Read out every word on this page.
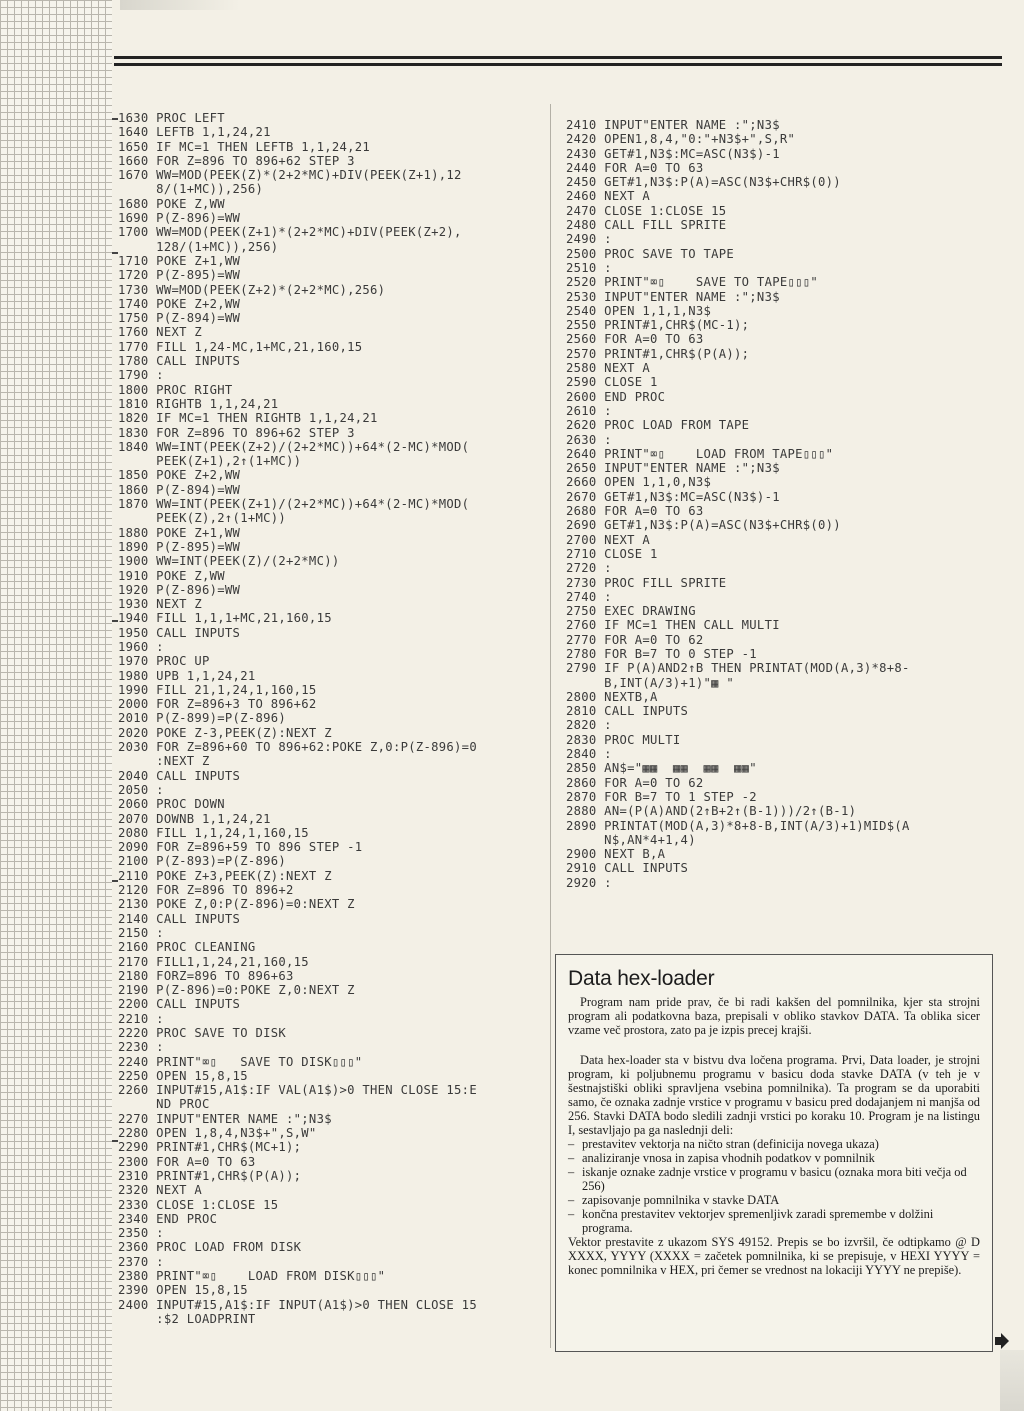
1630 PROC LEFT
1640 LEFTB 1,1,24,21
1650 IF MC=1 THEN LEFTB 1,1,24,21
1660 FOR Z=896 TO 896+62 STEP 3
1670 WW=MOD(PEEK(Z)*(2+2*MC)+DIV(PEEK(Z+1),12
8/(1+MC)),256)
1680 POKE Z,WW
1690 P(Z-896)=WW
1700 WW=MOD(PEEK(Z+1)*(2+2*MC)+DIV(PEEK(Z+2),
128/(1+MC)),256)
1710 POKE Z+1,WW
1720 P(Z-895)=WW
1730 WW=MOD(PEEK(Z+2)*(2+2*MC),256)
1740 POKE Z+2,WW
1750 P(Z-894)=WW
1760 NEXT Z
1770 FILL 1,24-MC,1+MC,21,160,15
1780 CALL INPUTS
1790 :
1800 PROC RIGHT
1810 RIGHTB 1,1,24,21
1820 IF MC=1 THEN RIGHTB 1,1,24,21
1830 FOR Z=896 TO 896+62 STEP 3
1840 WW=INT(PEEK(Z+2)/(2+2*MC))+64*(2-MC)*MOD(
PEEK(Z+1),2↑(1+MC))
1850 POKE Z+2,WW
1860 P(Z-894)=WW
1870 WW=INT(PEEK(Z+1)/(2+2*MC))+64*(2-MC)*MOD(
PEEK(Z),2↑(1+MC))
1880 POKE Z+1,WW
1890 P(Z-895)=WW
1900 WW=INT(PEEK(Z)/(2+2*MC))
1910 POKE Z,WW
1920 P(Z-896)=WW
1930 NEXT Z
1940 FILL 1,1,1+MC,21,160,15
1950 CALL INPUTS
1960 :
1970 PROC UP
1980 UPB 1,1,24,21
1990 FILL 21,1,24,1,160,15
2000 FOR Z=896+3 TO 896+62
2010 P(Z-899)=P(Z-896)
2020 POKE Z-3,PEEK(Z):NEXT Z
2030 FOR Z=896+60 TO 896+62:POKE Z,0:P(Z-896)=0
:NEXT Z
2040 CALL INPUTS
2050 :
2060 PROC DOWN
2070 DOWNB 1,1,24,21
2080 FILL 1,1,24,1,160,15
2090 FOR Z=896+59 TO 896 STEP -1
2100 P(Z-893)=P(Z-896)
2110 POKE Z+3,PEEK(Z):NEXT Z
2120 FOR Z=896 TO 896+2
2130 POKE Z,0:P(Z-896)=0:NEXT Z
2140 CALL INPUTS
2150 :
2160 PROC CLEANING
2170 FILL1,1,24,21,160,15
2180 FORZ=896 TO 896+63
2190 P(Z-896)=0:POKE Z,0:NEXT Z
2200 CALL INPUTS
2210 :
2220 PROC SAVE TO DISK
2230 :
2240 PRINT"⌧▯   SAVE TO DISK▯▯▯"
2250 OPEN 15,8,15
2260 INPUT#15,A1$:IF VAL(A1$)>0 THEN CLOSE 15:E
ND PROC
2270 INPUT"ENTER NAME :";N3$
2280 OPEN 1,8,4,N3$+",S,W"
2290 PRINT#1,CHR$(MC+1);
2300 FOR A=0 TO 63
2310 PRINT#1,CHR$(P(A));
2320 NEXT A
2330 CLOSE 1:CLOSE 15
2340 END PROC
2350 :
2360 PROC LOAD FROM DISK
2370 :
2380 PRINT"⌧▯    LOAD FROM DISK▯▯▯"
2390 OPEN 15,8,15
2400 INPUT#15,A1$:IF INPUT(A1$)>0 THEN CLOSE 15
:$2 LOADPRINT
2410 INPUT"ENTER NAME :";N3$
2420 OPEN1,8,4,"0:"+N3$+",S,R"
2430 GET#1,N3$:MC=ASC(N3$)-1
2440 FOR A=0 TO 63
2450 GET#1,N3$:P(A)=ASC(N3$+CHR$(0))
2460 NEXT A
2470 CLOSE 1:CLOSE 15
2480 CALL FILL SPRITE
2490 :
2500 PROC SAVE TO TAPE
2510 :
2520 PRINT"⌧▯    SAVE TO TAPE▯▯▯"
2530 INPUT"ENTER NAME :";N3$
2540 OPEN 1,1,1,N3$
2550 PRINT#1,CHR$(MC-1);
2560 FOR A=0 TO 63
2570 PRINT#1,CHR$(P(A));
2580 NEXT A
2590 CLOSE 1
2600 END PROC
2610 :
2620 PROC LOAD FROM TAPE
2630 :
2640 PRINT"⌧▯    LOAD FROM TAPE▯▯▯"
2650 INPUT"ENTER NAME :";N3$
2660 OPEN 1,1,0,N3$
2670 GET#1,N3$:MC=ASC(N3$)-1
2680 FOR A=0 TO 63
2690 GET#1,N3$:P(A)=ASC(N3$+CHR$(0))
2700 NEXT A
2710 CLOSE 1
2720 :
2730 PROC FILL SPRITE
2740 :
2750 EXEC DRAWING
2760 IF MC=1 THEN CALL MULTI
2770 FOR A=0 TO 62
2780 FOR B=7 TO 0 STEP -1
2790 IF P(A)AND2↑B THEN PRINTAT(MOD(A,3)*8+8-
B,INT(A/3)+1)"▦ "
2800 NEXTB,A
2810 CALL INPUTS
2820 :
2830 PROC MULTI
2840 :
2850 AN$="▦▦  ▦▦  ▦▦  ▦▦"
2860 FOR A=0 TO 62
2870 FOR B=7 TO 1 STEP -2
2880 AN=(P(A)AND(2↑B+2↑(B-1)))/2↑(B-1)
2890 PRINTAT(MOD(A,3)*8+8-B,INT(A/3)+1)MID$(A
N$,AN*4+1,4)
2900 NEXT B,A
2910 CALL INPUTS
2920 :
Data hex-loader

Program nam pride prav, če bi radi kakšen del pomnilnika, kjer sta strojni program ali podatkovna baza, prepisali v obliko stavkov DATA. Ta oblika sicer vzame več prostora, zato pa je izpis precej krajši.

Data hex-loader sta v bistvu dva ločena programa. Prvi, Data loader, je strojni program, ki poljubnemu programu v basicu doda stavke DATA (v teh je v šestnajstiški obliki spravljena vsebina pomnilnika). Ta program se da uporabiti samo, če oznaka zadnje vrstice v programu v basicu pred dodajanjem ni manjša od 256. Stavki DATA bodo sledili zadnji vrstici po koraku 10. Program je na listingu I, sestavljajo pa ga naslednji deli:

– prestavitev vektorja na ničto stran (definicija novega ukaza)
– analiziranje vnosa in zapisa vhodnih podatkov v pomnilnik
– iskanje oznake zadnje vrstice v programu v basicu (oznaka mora biti večja od 256)
– zapisovanje pomnilnika v stavke DATA
– končna prestavitev vektorjev spremenljivk zaradi spremembe v dolžini programa.

Vektor prestavite z ukazom SYS 49152. Prepis se bo izvršil, če odtipkamo @ D XXXX, YYYY (XXXX = začetek pomnilnika, ki se prepisuje, v HEXI YYYY = konec pomnilnika v HEX, pri čemer se vrednost na lokaciji YYYY ne prepiše).
